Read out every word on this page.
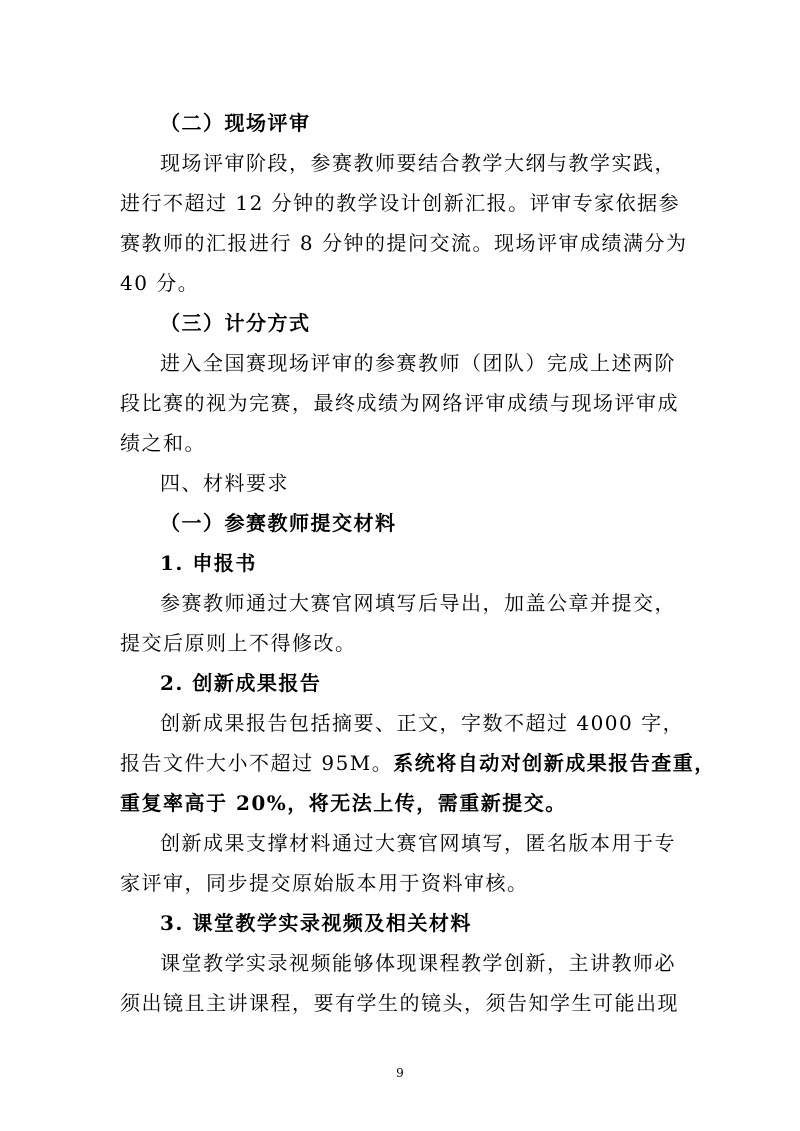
（二）现场评审
现场评审阶段，参赛教师要结合教学大纲与教学实践，
进行不超过 12 分钟的教学设计创新汇报。评审专家依据参
赛教师的汇报进行 8 分钟的提问交流。现场评审成绩满分为
40 分。
（三）计分方式
进入全国赛现场评审的参赛教师（团队）完成上述两阶
段比赛的视为完赛，最终成绩为网络评审成绩与现场评审成
绩之和。
四、材料要求
（一）参赛教师提交材料
1. 申报书
参赛教师通过大赛官网填写后导出，加盖公章并提交，
提交后原则上不得修改。
2. 创新成果报告
创新成果报告包括摘要、正文，字数不超过 4000 字，
报告文件大小不超过 95M。系统将自动对创新成果报告查重，
重复率高于 20%，将无法上传，需重新提交。
创新成果支撑材料通过大赛官网填写，匿名版本用于专
家评审，同步提交原始版本用于资料审核。
3. 课堂教学实录视频及相关材料
课堂教学实录视频能够体现课程教学创新，主讲教师必
须出镜且主讲课程，要有学生的镜头，须告知学生可能出现
9
